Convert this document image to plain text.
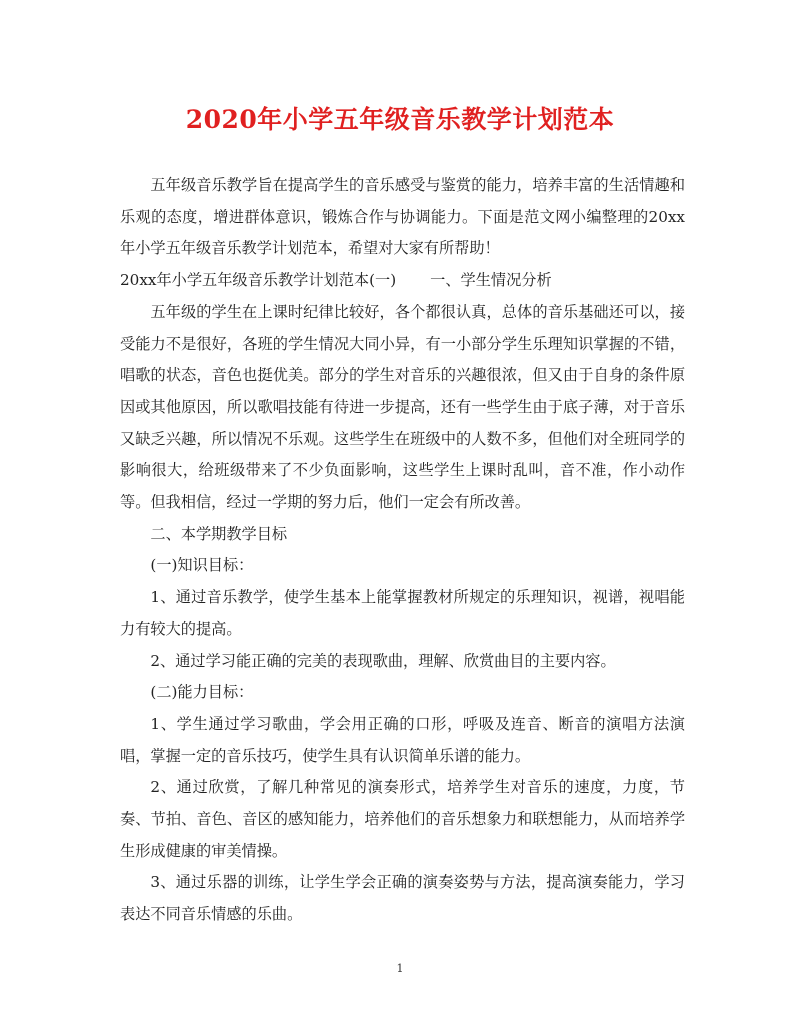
2020年小学五年级音乐教学计划范本

五年级音乐教学旨在提高学生的音乐感受与鉴赏的能力，培养丰富的生活情趣和乐观的态度，增进群体意识，锻炼合作与协调能力。下面是范文网小编整理的20xx年小学五年级音乐教学计划范本，希望对大家有所帮助！

20xx年小学五年级音乐教学计划范本(一) 一、学生情况分析

五年级的学生在上课时纪律比较好，各个都很认真，总体的音乐基础还可以，接受能力不是很好，各班的学生情况大同小异，有一小部分学生乐理知识掌握的不错，唱歌的状态，音色也挺优美。部分的学生对音乐的兴趣很浓，但又由于自身的条件原因或其他原因，所以歌唱技能有待进一步提高，还有一些学生由于底子薄，对于音乐又缺乏兴趣，所以情况不乐观。这些学生在班级中的人数不多，但他们对全班同学的影响很大，给班级带来了不少负面影响，这些学生上课时乱叫，音不准，作小动作等。但我相信，经过一学期的努力后，他们一定会有所改善。

二、本学期教学目标

(一)知识目标：

1、通过音乐教学，使学生基本上能掌握教材所规定的乐理知识，视谱，视唱能力有较大的提高。

2、通过学习能正确的完美的表现歌曲，理解、欣赏曲目的主要内容。

(二)能力目标：

1、学生通过学习歌曲，学会用正确的口形，呼吸及连音、断音的演唱方法演唱，掌握一定的音乐技巧，使学生具有认识简单乐谱的能力。

2、通过欣赏，了解几种常见的演奏形式，培养学生对音乐的速度，力度，节奏、节拍、音色、音区的感知能力，培养他们的音乐想象力和联想能力，从而培养学生形成健康的审美情操。

3、通过乐器的训练，让学生学会正确的演奏姿势与方法，提高演奏能力，学习表达不同音乐情感的乐曲。

1
